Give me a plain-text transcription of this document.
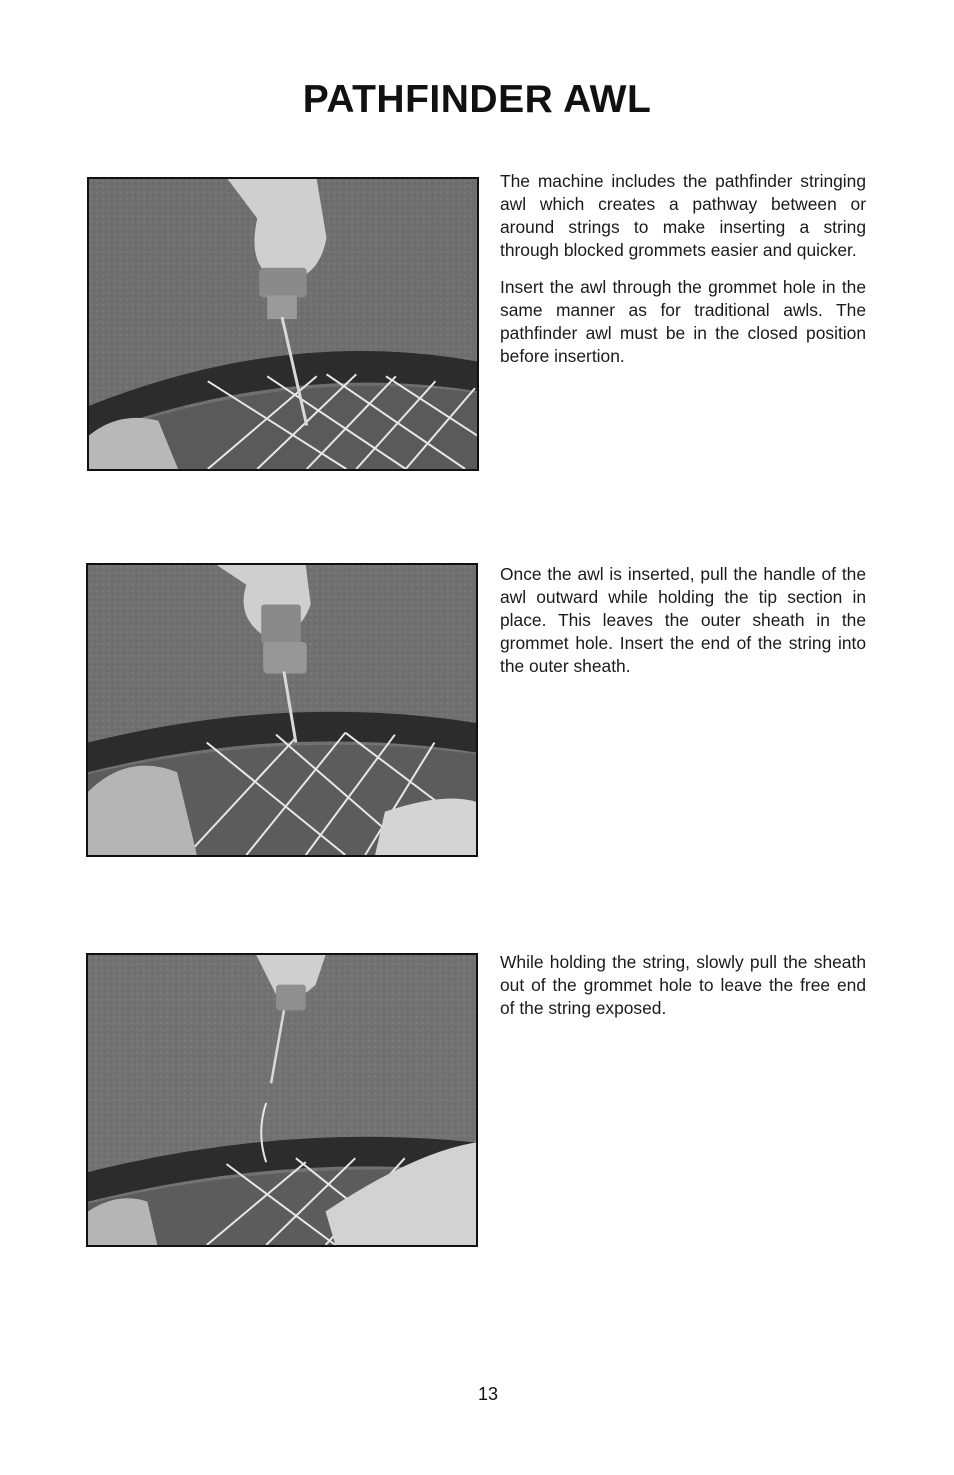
PATHFINDER AWL

The machine includes the pathfinder stringing awl which creates a pathway between or around strings to make inserting a string through blocked grommets easier and quicker.

Insert the awl through the grommet hole in the same manner as for traditional awls. The pathfinder awl must be in the closed position before insertion.

Once the awl is inserted, pull the handle of the awl outward while holding the tip section in place. This leaves the outer sheath in the grommet hole. Insert the end of the string into the outer sheath.

While holding the string, slowly pull the sheath out of the grommet hole to leave the free end of the string exposed.

13
